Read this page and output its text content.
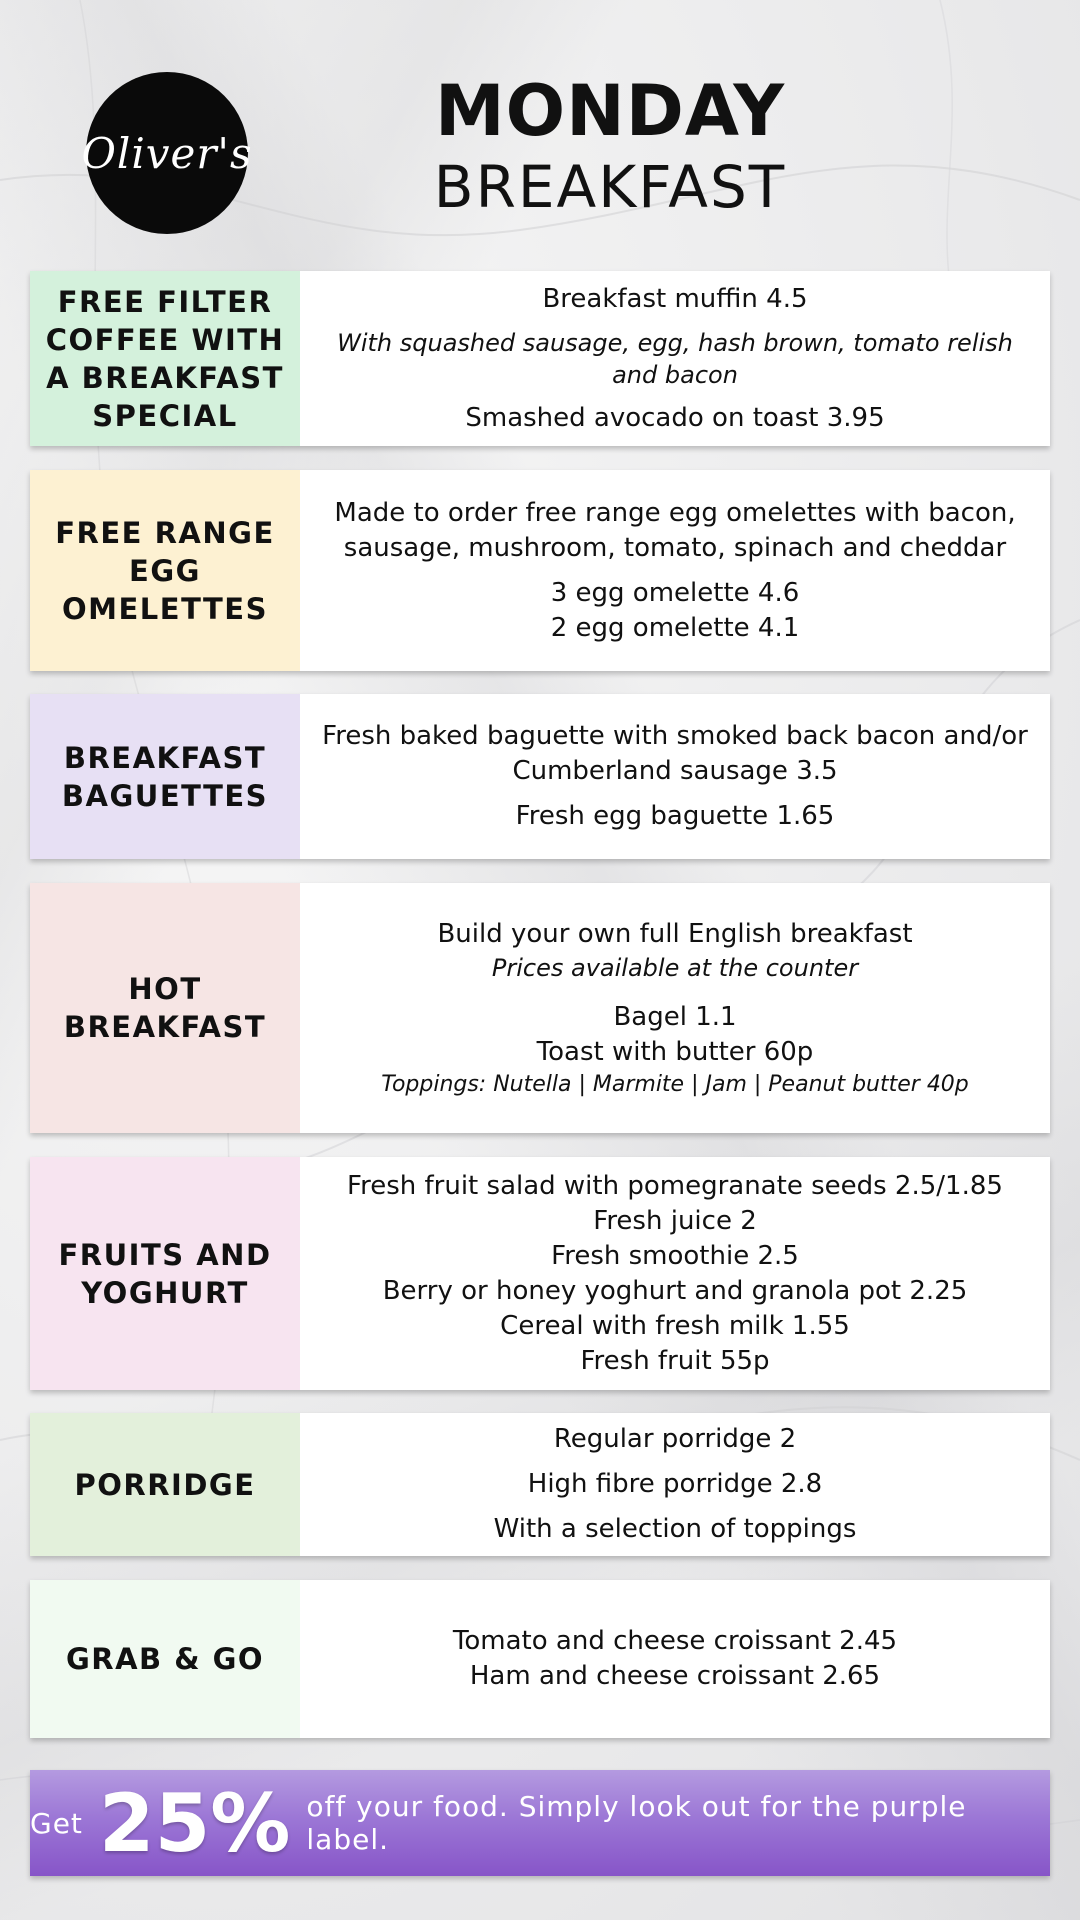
Oliver's
MONDAY
BREAKFAST
FREE FILTER COFFEE WITH A BREAKFAST SPECIAL
Breakfast muffin 4.5
With squashed sausage, egg, hash brown, tomato relish and bacon
Smashed avocado on toast 3.95
FREE RANGE EGG OMELETTES
Made to order free range egg omelettes with bacon, sausage, mushroom, tomato, spinach and cheddar
3 egg omelette 4.6
2 egg omelette 4.1
BREAKFAST BAGUETTES
Fresh baked baguette with smoked back bacon and/or Cumberland sausage 3.5
Fresh egg baguette 1.65
HOT BREAKFAST
Build your own full English breakfast
Prices available at the counter
Bagel 1.1
Toast with butter 60p
Toppings: Nutella | Marmite | Jam | Peanut butter 40p
FRUITS AND YOGHURT
Fresh fruit salad with pomegranate seeds 2.5/1.85
Fresh juice 2
Fresh smoothie 2.5
Berry or honey yoghurt and granola pot 2.25
Cereal with fresh milk 1.55
Fresh fruit 55p
PORRIDGE
Regular porridge 2
High fibre porridge 2.8
With a selection of toppings
GRAB & GO
Tomato and cheese croissant 2.45
Ham and cheese croissant 2.65
Get 25% off your food. Simply look out for the purple label.
